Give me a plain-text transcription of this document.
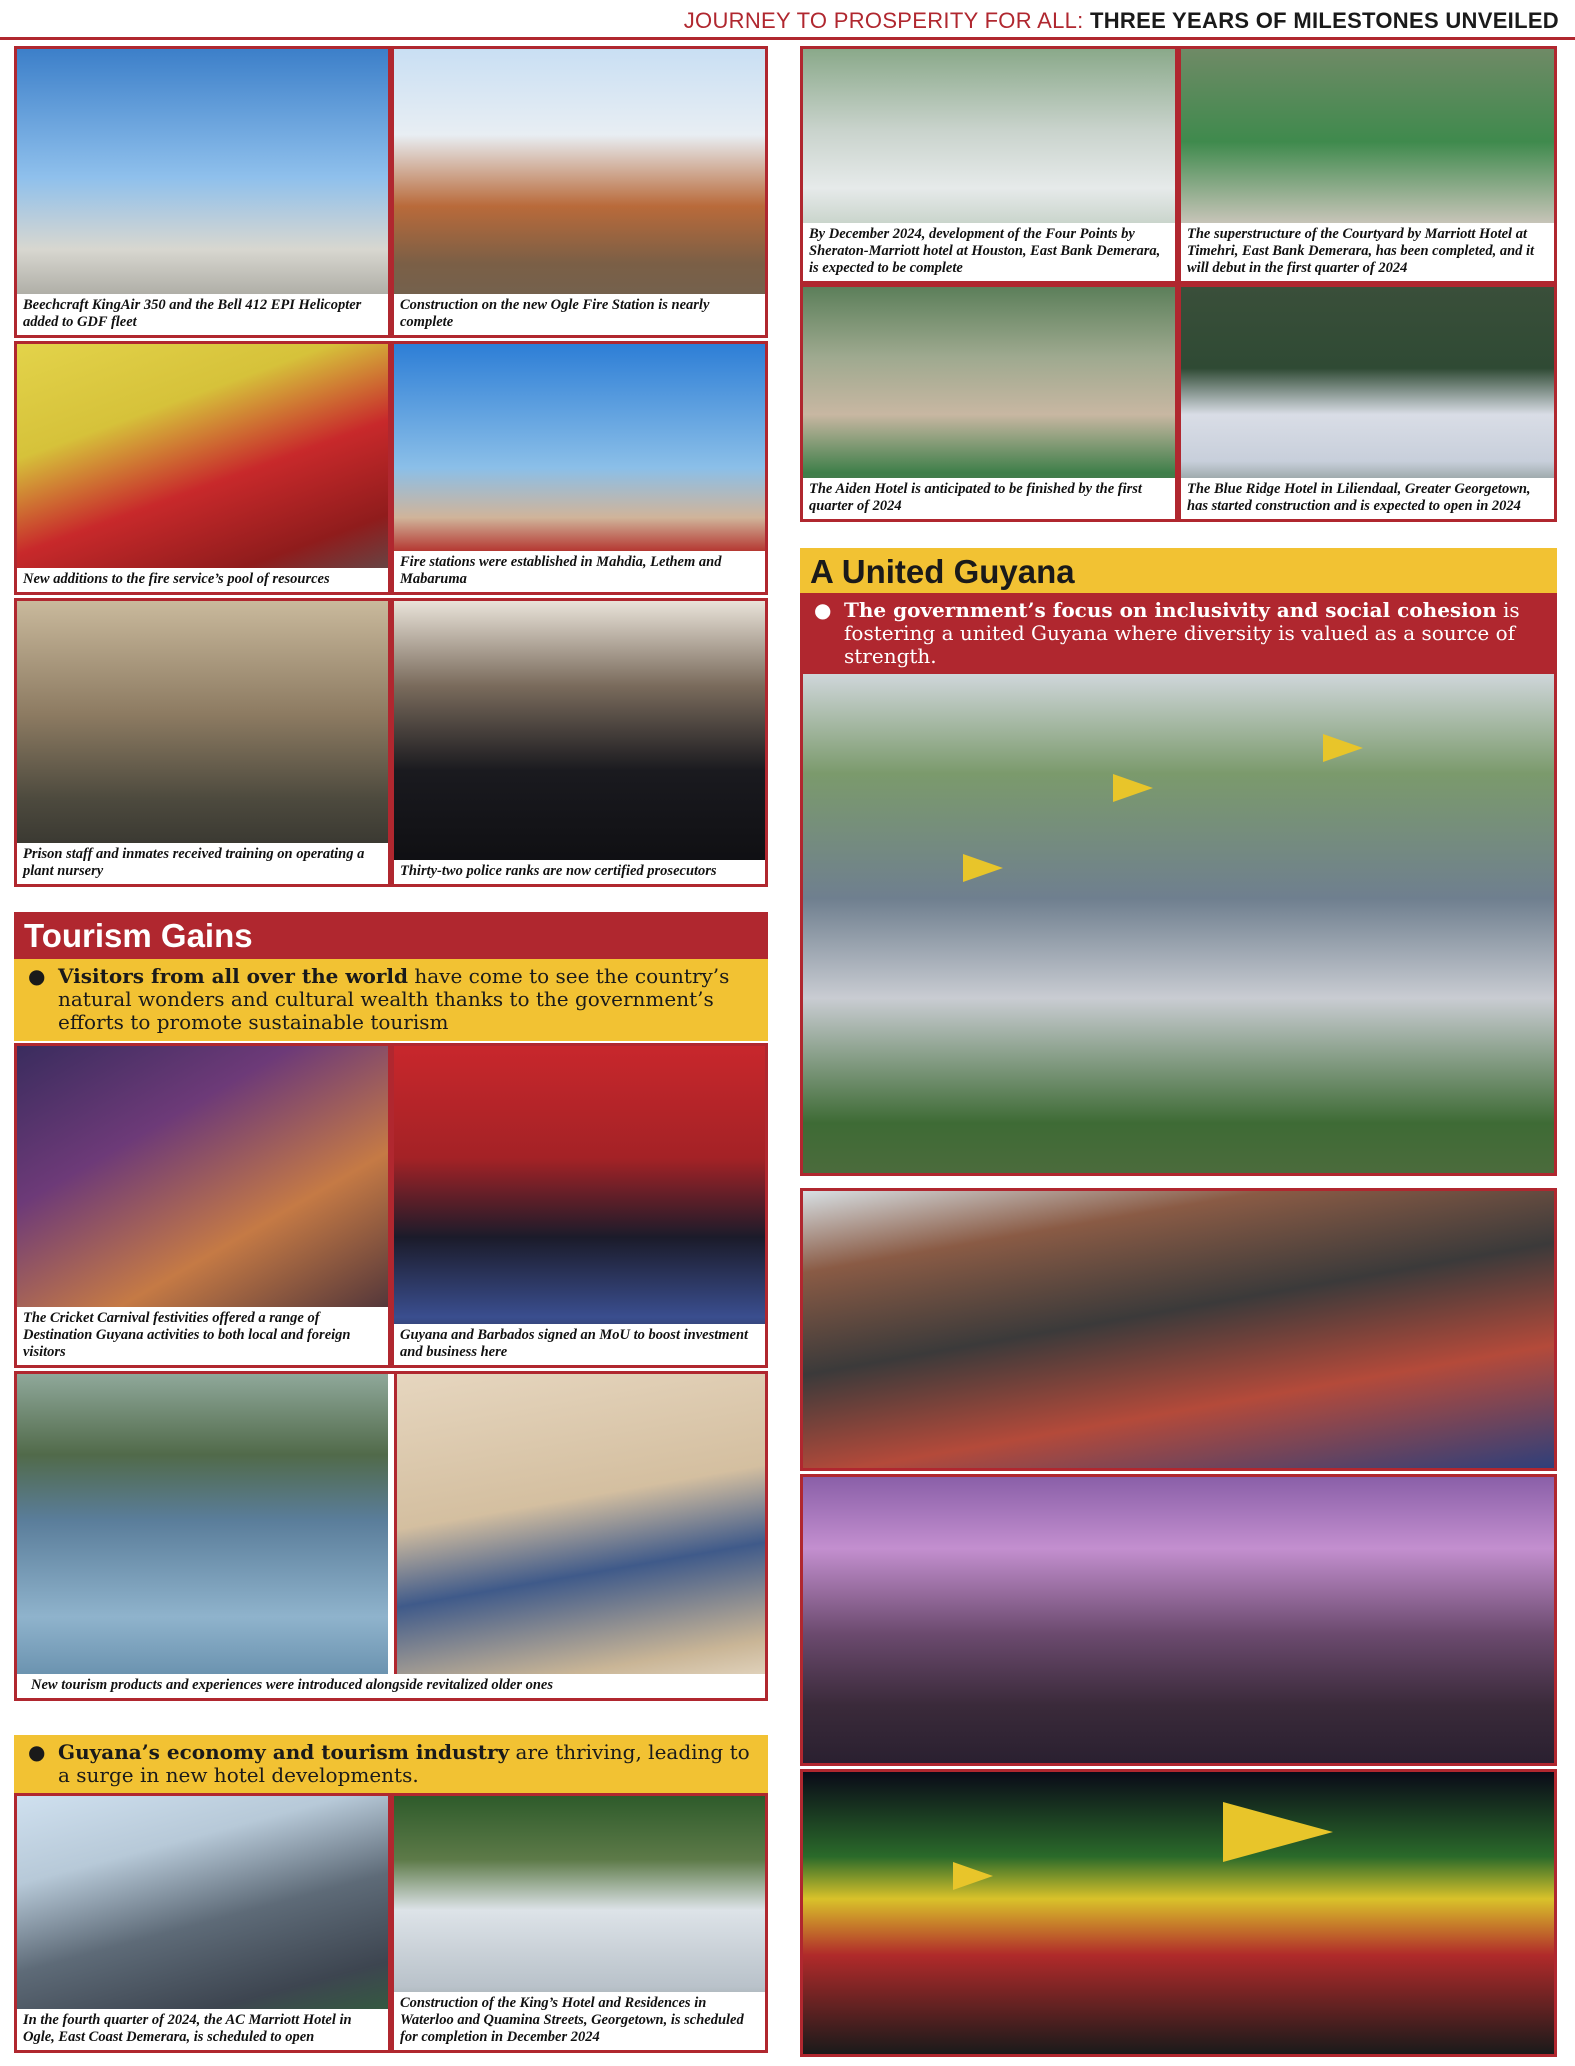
JOURNEY TO PROSPERITY FOR ALL: THREE YEARS OF MILESTONES UNVEILED
Beechcraft KingAir 350 and the Bell 412 EPI Helicopter added to GDF fleet
Construction on the new Ogle Fire Station is nearly complete
New additions to the fire service’s pool of resources
Fire stations were established in Mahdia, Lethem and Mabaruma
Prison staff and inmates received training on operating a plant nursery	Thirty-two police ranks are now certified prosecutors
Tourism Gains
● Visitors from all over the world have come to see the country’s natural wonders and cultural wealth thanks to the government’s efforts to promote sustainable tourism
The Cricket Carnival festivities offered a range of Destination Guyana activities to both local and foreign visitors
Guyana and Barbados signed an MoU to boost investment and business here
New tourism products and experiences were introduced alongside revitalized older ones
● Guyana’s economy and tourism industry are thriving, leading to a surge in new hotel developments.
In the fourth quarter of 2024, the AC Marriott Hotel in Ogle, East Coast Demerara, is scheduled to open
Construction of the King’s Hotel and Residences in Waterloo and Quamina Streets, Georgetown, is scheduled for completion in December 2024
By December 2024, development of the Four Points by Sheraton-Marriott hotel at Houston, East Bank Demerara, is expected to be complete
The superstructure of the Courtyard by Marriott Hotel at Timehri, East Bank Demerara, has been completed, and it will debut in the first quarter of 2024
The Aiden Hotel is anticipated to be finished by the first quarter of 2024
The Blue Ridge Hotel in Liliendaal, Greater Georgetown, has started construction and is expected to open in 2024
A United Guyana
● The government’s focus on inclusivity and social cohesion is fostering a united Guyana where diversity is valued as a source of strength.
